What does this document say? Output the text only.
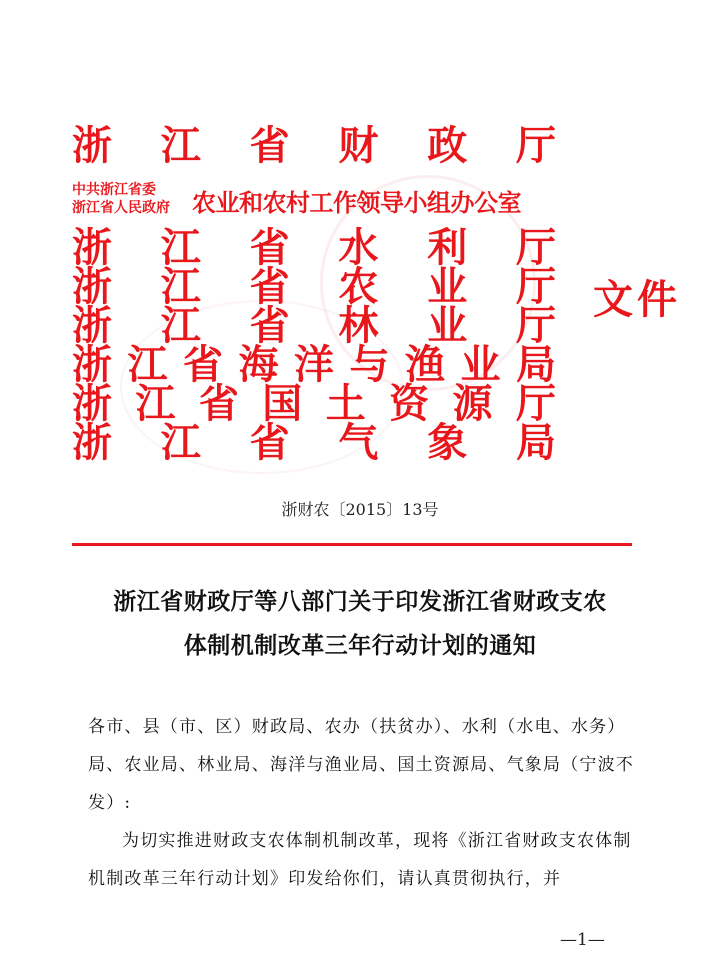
浙 江 省 财 政 厅
中共浙江省委
浙江省人民政府 农业和农村工作领导小组办公室
浙 江 省 水 利 厅
浙 江 省 农 业 厅
浙 江 省 林 业 厅
浙 江 省 海 洋 与 渔 业 局
浙 江 省 国 土 资 源 厅
浙 江 省 气 象 局
文件
浙财农〔2015〕13号
浙江省财政厅等八部门关于印发浙江省财政支农
体制机制改革三年行动计划的通知
各市、县（市、区）财政局、农办（扶贫办）、水利（水电、水务）局、农业局、林业局、海洋与渔业局、国土资源局、气象局（宁波不发）:
为切实推进财政支农体制机制改革，现将《浙江省财政支农体制机制改革三年行动计划》印发给你们，请认真贯彻执行，并
—1—
